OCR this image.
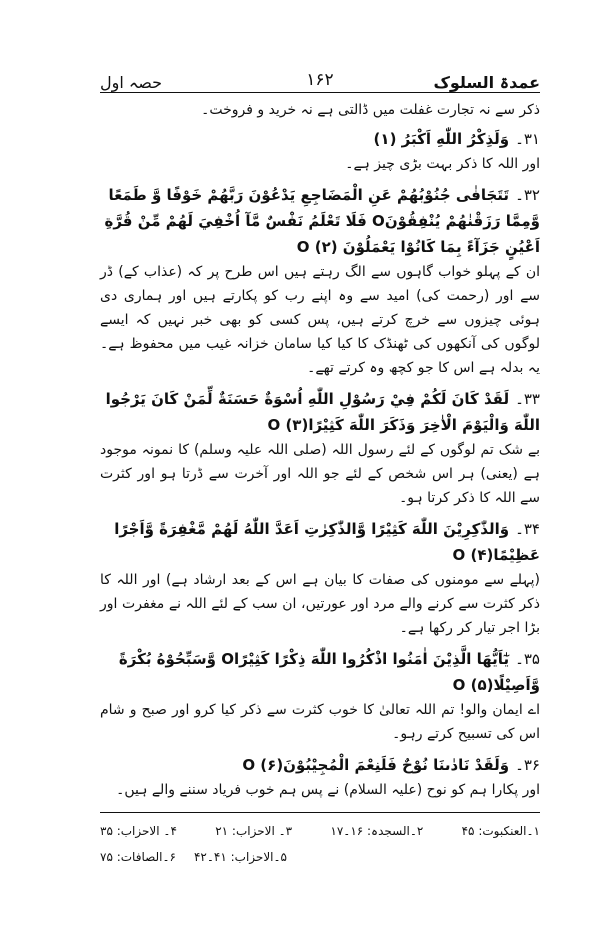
عمدۃ السلوک
۱۶۲
حصہ اول

ذکر سے نہ تجارت غفلت میں ڈالتی ہے نہ خرید و فروخت۔

۳۱۔وَلَذِكْرُ اللّٰهِ اَكْبَرُ (۱)

اور اللہ کا ذکر بہت بڑی چیز ہے۔

۳۲۔تَتَجَافٰى جُنُوْبُهُمْ عَنِ الْمَضَاجِعِ يَدْعُوْنَ رَبَّهُمْ خَوْفًا وَّ طَمَعًا وَّمِمَّا رَزَقْنٰهُمْ يُنْفِقُوْنَO فَلَا تَعْلَمُ نَفْسٌ مَّآ اُخْفِيَ لَهُمْ مِّنْ قُرَّةِ اَعْيُنٍ جَزَآءً بِمَا كَانُوْا يَعْمَلُوْنَ O (۲)

ان کے پہلو خواب گاہوں سے الگ رہتے ہیں اس طرح پر کہ (عذاب کے) ڈر سے اور (رحمت کی) امید سے وہ اپنے رب کو پکارتے ہیں اور ہماری دی ہوئی چیزوں سے خرچ کرتے ہیں، پس کسی کو بھی خبر نہیں کہ ایسے لوگوں کی آنکھوں کی ٹھنڈک کا کیا کیا سامان خزانہ غیب میں محفوظ ہے۔ یہ بدلہ ہے اس کا جو کچھ وہ کرتے تھے۔

۳۳۔لَقَدْ كَانَ لَكُمْ فِيْ رَسُوْلِ اللّٰهِ اُسْوَةٌ حَسَنَةٌ لِّمَنْ كَانَ يَرْجُوا اللّٰهَ وَالْيَوْمَ الْاٰخِرَ وَذَكَرَ اللّٰهَ كَثِيْرًاO (۳)

بے شک تم لوگوں کے لئے رسول اللہ (صلی اللہ علیہ وسلم) کا نمونہ موجود ہے (یعنی) ہر اس شخص کے لئے جو اللہ اور آخرت سے ڈرتا ہو اور کثرت سے اللہ کا ذکر کرتا ہو۔

۳۴۔وَالذّٰكِرِيْنَ اللّٰهَ كَثِيْرًا وَّالذّٰكِرٰتِ اَعَدَّ اللّٰهُ لَهُمْ مَّغْفِرَةً وَّاَجْرًا عَظِيْمًاO (۴)

(پہلے سے مومنوں کی صفات کا بیان ہے اس کے بعد ارشاد ہے) اور اللہ کا ذکر کثرت سے کرنے والے مرد اور عورتیں، ان سب کے لئے اللہ نے مغفرت اور بڑا اجر تیار کر رکھا ہے۔

۳۵۔يٰٓاَيُّهَا الَّذِيْنَ اٰمَنُوا اذْكُرُوا اللّٰهَ ذِكْرًا كَثِيْرًاO وَّسَبِّحُوْهُ بُكْرَةً وَّاَصِيْلًاO (۵)

اے ایمان والو! تم اللہ تعالیٰ کا خوب کثرت سے ذکر کیا کرو اور صبح و شام اس کی تسبیح کرتے رہو۔

۳۶۔وَلَقَدْ نَادٰىنَا نُوْحٌ فَلَنِعْمَ الْمُجِيْبُوْنَO (۶)

اور پکارا ہم کو نوح (علیہ السلام) نے پس ہم خوب فریاد سننے والے ہیں۔

۱۔العنکبوت: ۴۵
۲۔السجدہ: ۱۶۔۱۷
۳۔ الاحزاب: ۲۱
۴۔ الاحزاب: ۳۵
۵۔الاحزاب: ۴۱۔۴۲
۶۔الصافات: ۷۵
